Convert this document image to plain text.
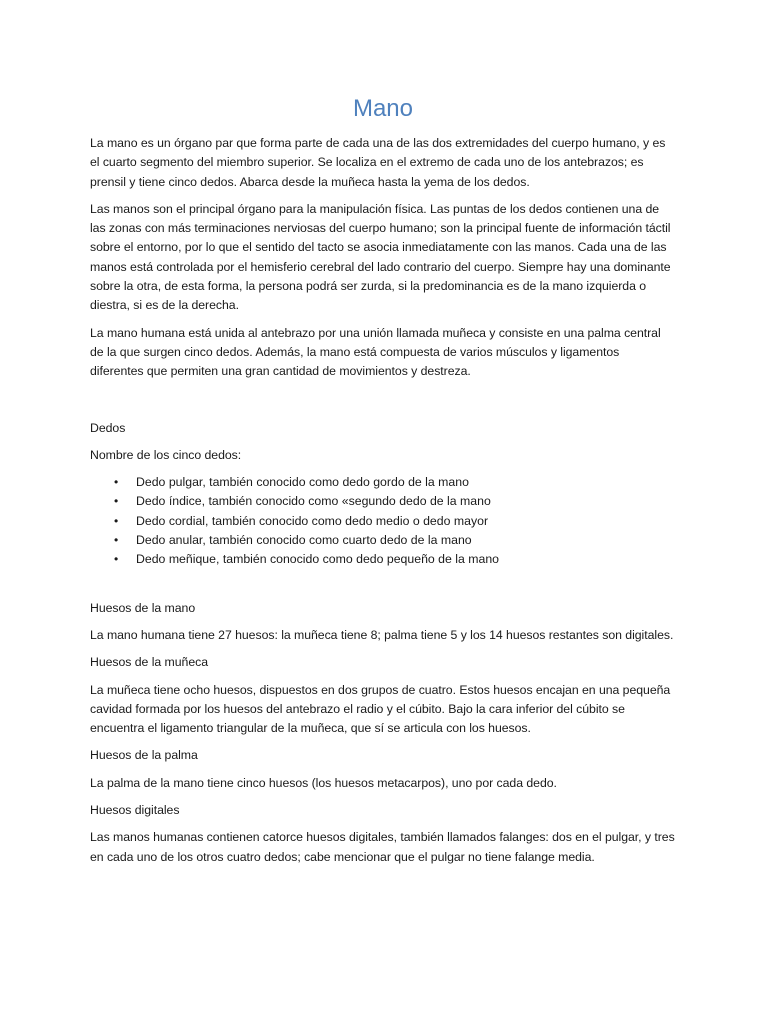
Mano

La mano es un órgano par que forma parte de cada una de las dos extremidades del cuerpo humano, y es el cuarto segmento del miembro superior. Se localiza en el extremo de cada uno de los antebrazos; es prensil y tiene cinco dedos. Abarca desde la muñeca hasta la yema de los dedos.

Las manos son el principal órgano para la manipulación física. Las puntas de los dedos contienen una de las zonas con más terminaciones nerviosas del cuerpo humano; son la principal fuente de información táctil sobre el entorno, por lo que el sentido del tacto se asocia inmediatamente con las manos. Cada una de las manos está controlada por el hemisferio cerebral del lado contrario del cuerpo. Siempre hay una dominante sobre la otra, de esta forma, la persona podrá ser zurda, si la predominancia es de la mano izquierda o diestra, si es de la derecha.

La mano humana está unida al antebrazo por una unión llamada muñeca y consiste en una palma central de la que surgen cinco dedos. Además, la mano está compuesta de varios músculos y ligamentos diferentes que permiten una gran cantidad de movimientos y destreza.

Dedos

Nombre de los cinco dedos:

• Dedo pulgar, también conocido como dedo gordo de la mano
• Dedo índice, también conocido como «segundo dedo de la mano
• Dedo cordial, también conocido como dedo medio o dedo mayor
• Dedo anular, también conocido como cuarto dedo de la mano
• Dedo meñique, también conocido como dedo pequeño de la mano

Huesos de la mano

La mano humana tiene 27 huesos: la muñeca tiene 8; palma tiene 5 y los 14 huesos restantes son digitales.

Huesos de la muñeca

La muñeca tiene ocho huesos, dispuestos en dos grupos de cuatro. Estos huesos encajan en una pequeña cavidad formada por los huesos del antebrazo el radio y el cúbito. Bajo la cara inferior del cúbito se encuentra el ligamento triangular de la muñeca, que sí se articula con los huesos.

Huesos de la palma

La palma de la mano tiene cinco huesos (los huesos metacarpos), uno por cada dedo.

Huesos digitales

Las manos humanas contienen catorce huesos digitales, también llamados falanges: dos en el pulgar, y tres en cada uno de los otros cuatro dedos; cabe mencionar que el pulgar no tiene falange media.
